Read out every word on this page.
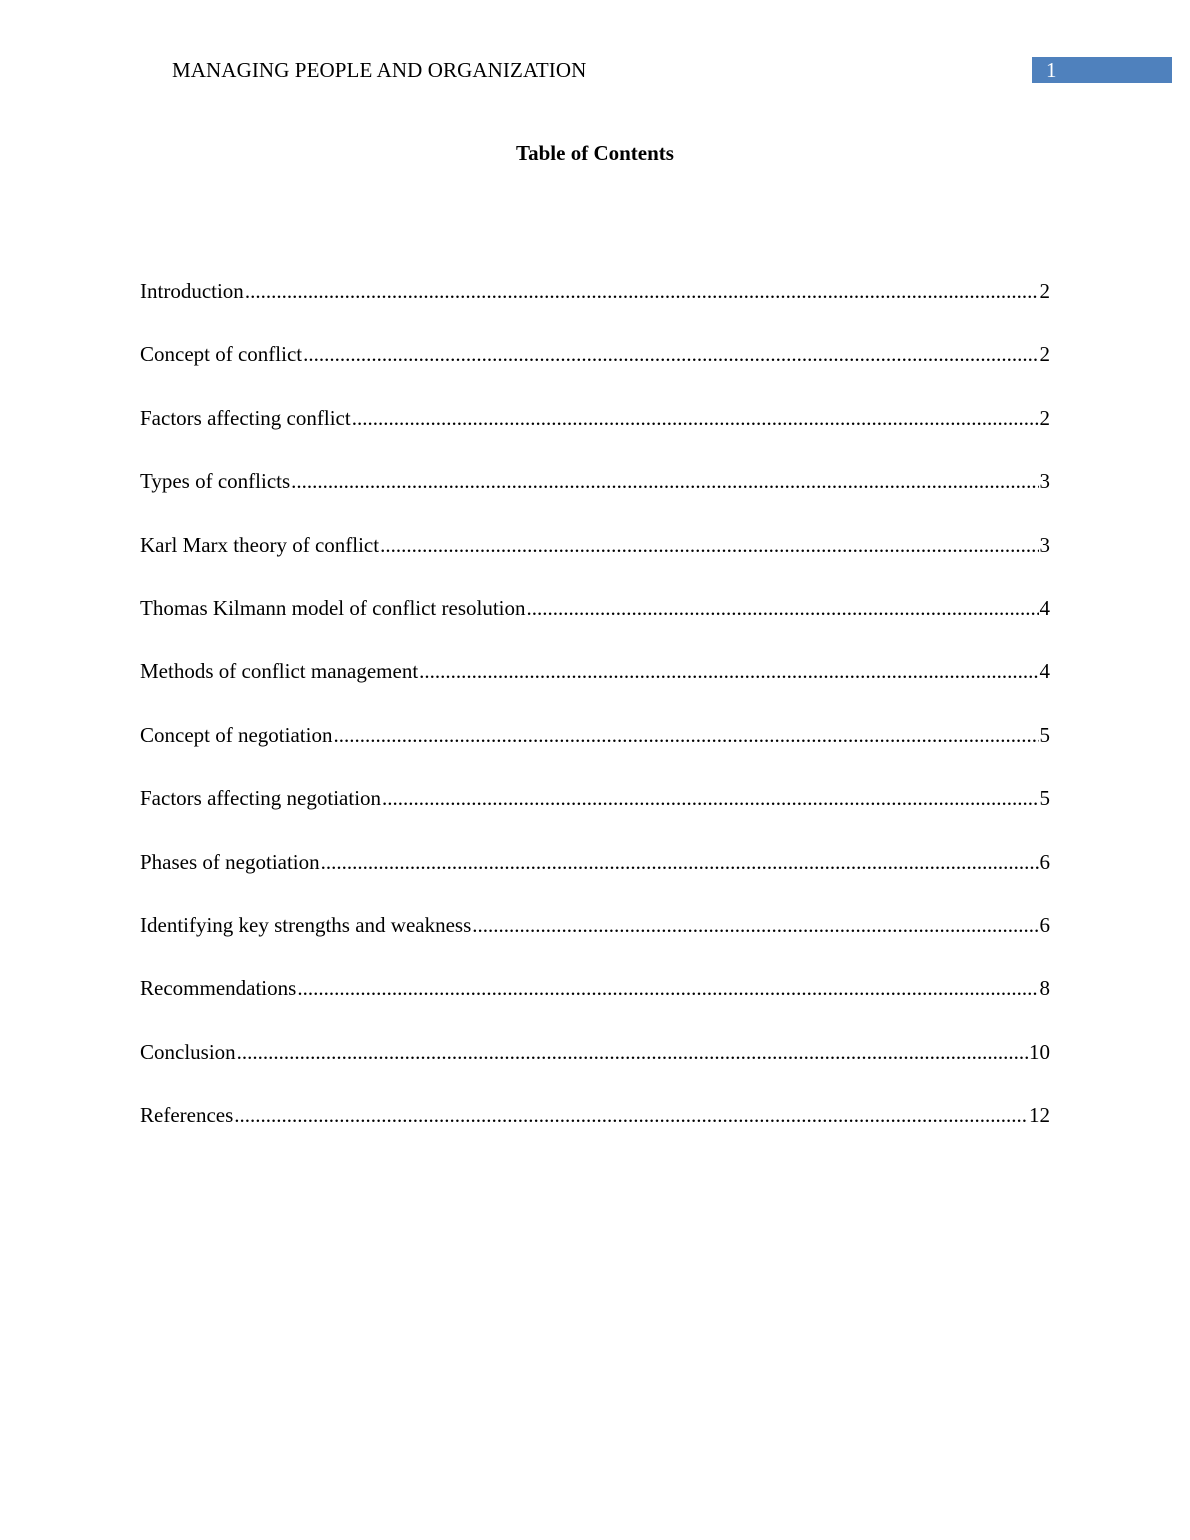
MANAGING PEOPLE AND ORGANIZATION	1
Table of Contents
Introduction .....	2
Concept of conflict .....	2
Factors affecting conflict .....	2
Types of conflicts .....	3
Karl Marx theory of conflict .....	3
Thomas Kilmann model of conflict resolution .....	4
Methods of conflict management .....	4
Concept of negotiation .....	5
Factors affecting negotiation .....	5
Phases of negotiation .....	6
Identifying key strengths and weakness .....	6
Recommendations .....	8
Conclusion .....	10
References .....	12
